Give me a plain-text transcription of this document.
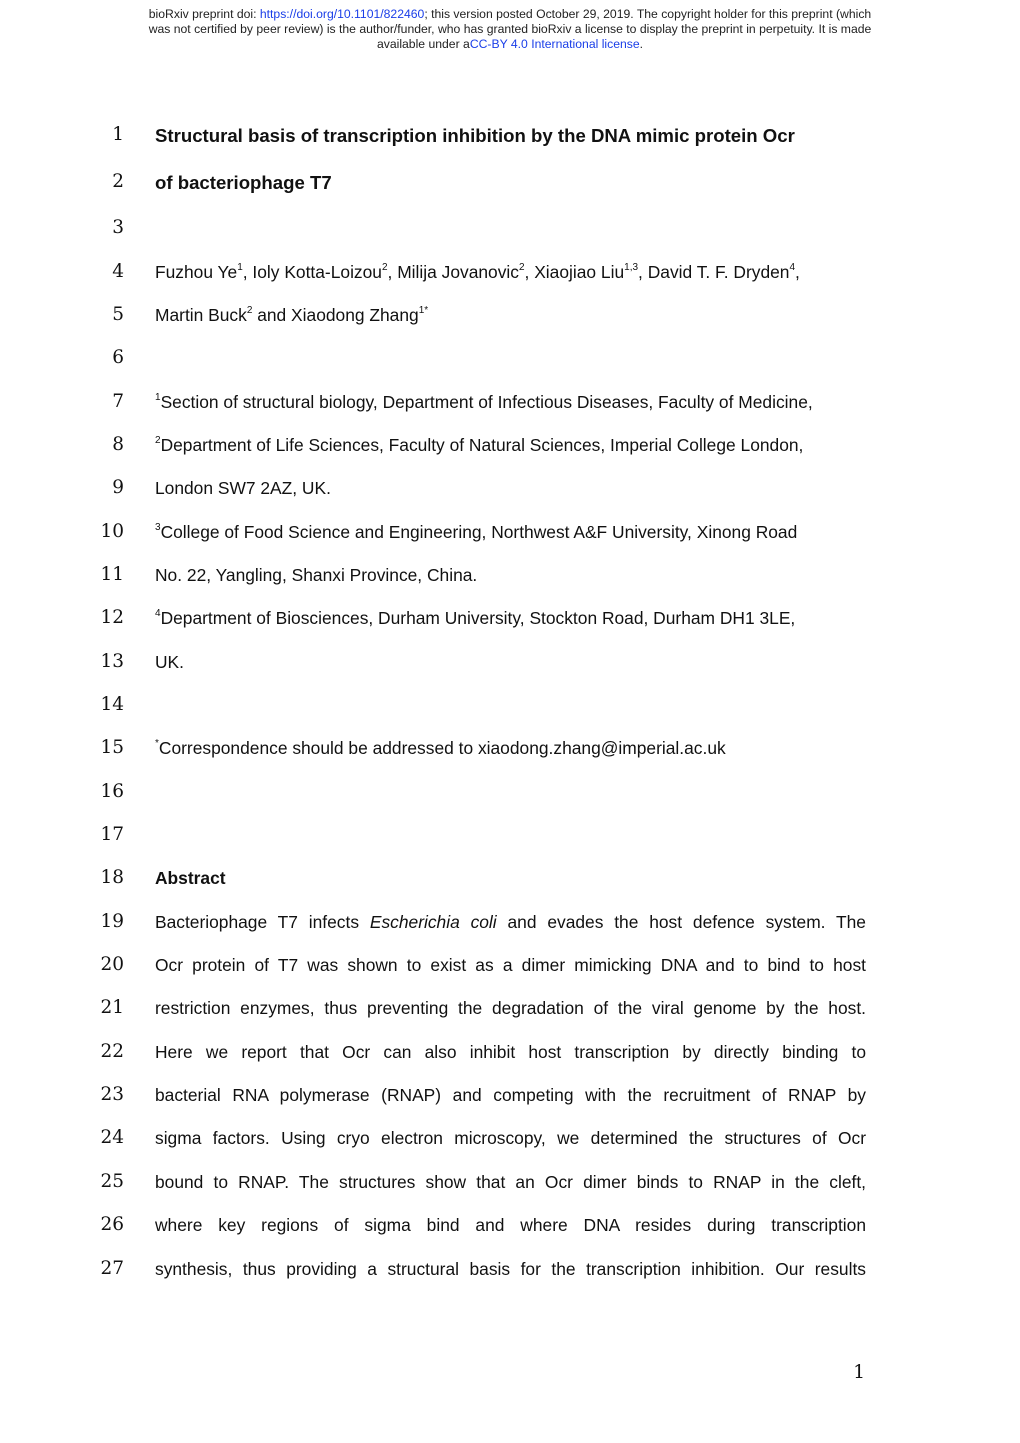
bioRxiv preprint doi: https://doi.org/10.1101/822460; this version posted October 29, 2019. The copyright holder for this preprint (which
was not certified by peer review) is the author/funder, who has granted bioRxiv a license to display the preprint in perpetuity. It is made
available under aCC-BY 4.0 International license.
1 Structural basis of transcription inhibition by the DNA mimic protein Ocr
2 of bacteriophage T7
3
4 Fuzhou Ye$^1$, Ioly Kotta-Loizou$^2$, Milija Jovanovic$^2$, Xiaojiao Liu$^{1,3}$, David T. F. Dryden$^4$,
5 Martin Buck$^2$ and Xiaodong Zhang$^{1*}$
6
7	$^1$Section of structural biology, Department of Infectious Diseases, Faculty of Medicine,
8	$^2$Department of Life Sciences, Faculty of Natural Sciences, Imperial College London,
9 London SW7 2AZ, UK.
10	$^3$College of Food Science and Engineering, Northwest A&F University, Xinong Road
11 No. 22, Yangling, Shanxi Province, China.
12	$^4$Department of Biosciences, Durham University, Stockton Road, Durham DH1 3LE,
13 UK.
14
15	*Correspondence should be addressed to xiaodong.zhang@imperial.ac.uk
16
17
18 Abstract
19 Bacteriophage T7 infects Escherichia coli and evades the host defence system. The
20 Ocr protein of T7 was shown to exist as a dimer mimicking DNA and to bind to host
21 restriction enzymes, thus preventing the degradation of the viral genome by the host.
22 Here we report that Ocr can also inhibit host transcription by directly binding to
23 bacterial RNA polymerase (RNAP) and competing with the recruitment of RNAP by
24 sigma factors. Using cryo electron microscopy, we determined the structures of Ocr
25 bound to RNAP. The structures show that an Ocr dimer binds to RNAP in the cleft,
26 where key regions of sigma bind and where DNA resides during transcription
27 synthesis, thus providing a structural basis for the transcription inhibition. Our results
1
